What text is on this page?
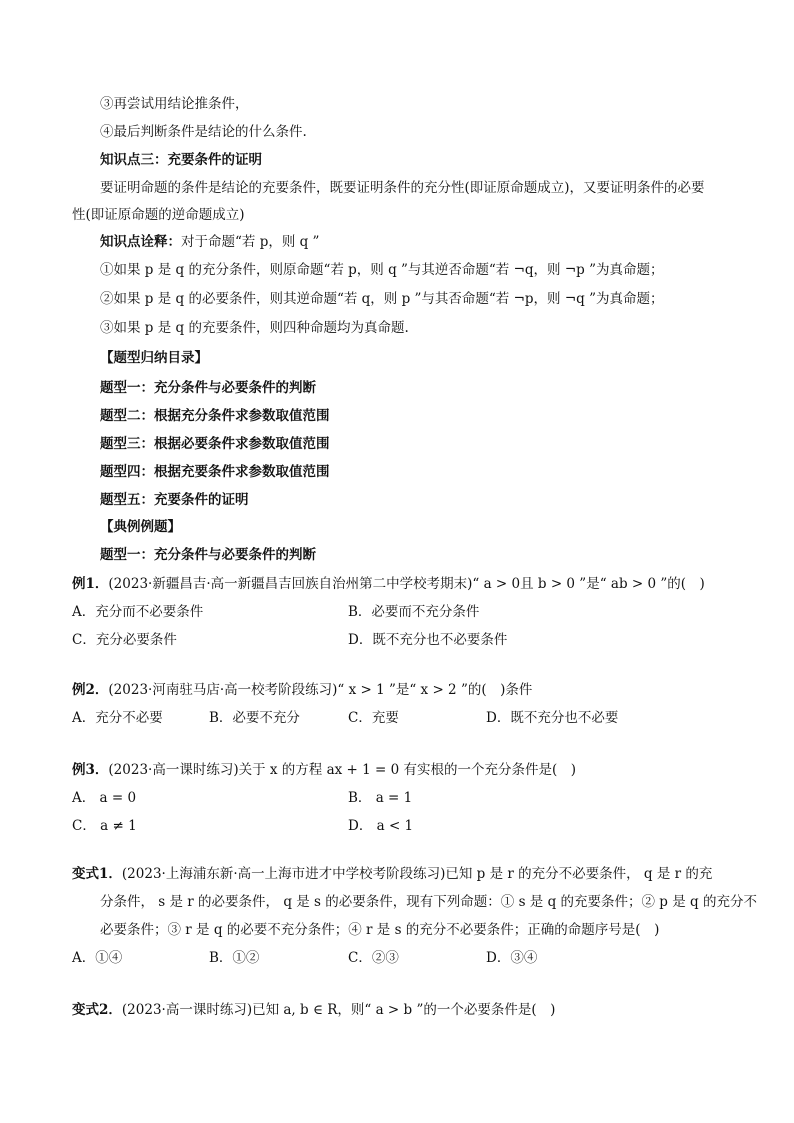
③再尝试用结论推条件，
④最后判断条件是结论的什么条件.
知识点三：充要条件的证明
要证明命题的条件是结论的充要条件，既要证明条件的充分性(即证原命题成立)，又要证明条件的必要
性(即证原命题的逆命题成立)
知识点诠释：对于命题“若 p，则 q ”
①如果 p 是 q 的充分条件，则原命题“若 p，则 q ”与其逆否命题“若 ¬q，则 ¬p ”为真命题；
②如果 p 是 q 的必要条件，则其逆命题“若 q，则 p ”与其否命题“若 ¬p，则 ¬q ”为真命题；
③如果 p 是 q 的充要条件，则四种命题均为真命题.
【题型归纳目录】
题型一：充分条件与必要条件的判断
题型二：根据充分条件求参数取值范围
题型三：根据必要条件求参数取值范围
题型四：根据充要条件求参数取值范围
题型五：充要条件的证明
【典例例题】
题型一：充分条件与必要条件的判断
例1．(2023·新疆昌吉·高一新疆昌吉回族自治州第二中学校考期末)“ a > 0且 b > 0 ”是“ ab > 0 ”的(　)
A．充分而不必要条件	B．必要而不充分条件
C．充分必要条件	D．既不充分也不必要条件
例2．(2023·河南驻马店·高一校考阶段练习)“ x > 1 ”是“ x > 2 ”的(　)条件
A．充分不必要	B．必要不充分	C．充要	D．既不充分也不必要
例3．(2023·高一课时练习)关于 x 的方程 ax + 1 = 0 有实根的一个充分条件是(　)
A． a = 0	B． a = 1
C． a ≠ 1	D． a < 1
变式1．(2023·上海浦东新·高一上海市进才中学校考阶段练习)已知 p 是 r 的充分不必要条件， q 是 r 的充
分条件， s 是 r 的必要条件， q 是 s 的必要条件，现有下列命题：① s 是 q 的充要条件；② p 是 q 的充分不
必要条件；③ r 是 q 的必要不充分条件；④ r 是 s 的充分不必要条件；正确的命题序号是(　)
A．①④	B．①②	C．②③	D．③④
变式2．(2023·高一课时练习)已知 a, b ∈ R，则“ a > b ”的一个必要条件是(　)
